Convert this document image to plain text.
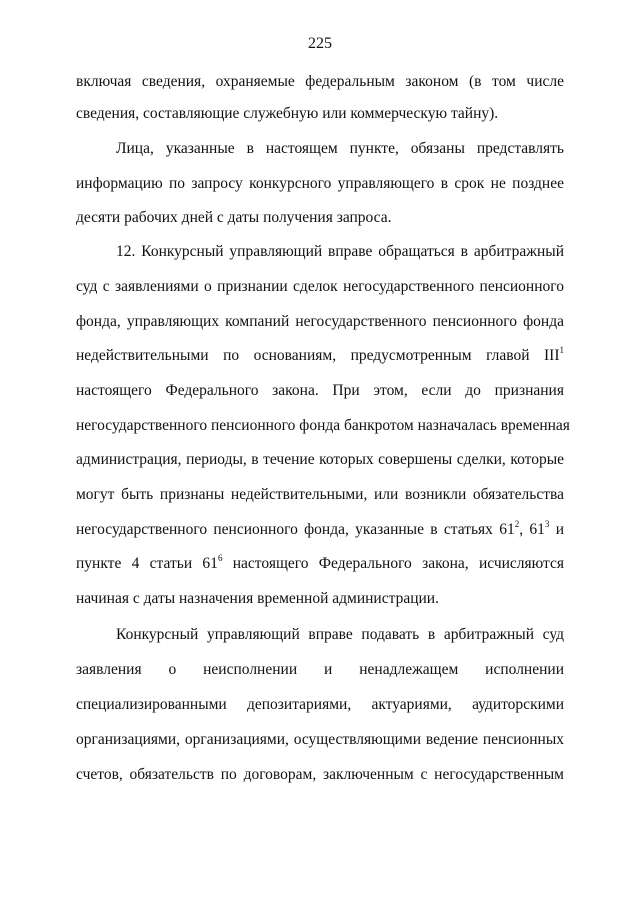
225
включая сведения, охраняемые федеральным законом (в том числе
сведения, составляющие служебную или коммерческую тайну).
Лица, указанные в настоящем пункте, обязаны представлять
информацию по запросу конкурсного управляющего в срок не позднее
десяти рабочих дней с даты получения запроса.
12. Конкурсный управляющий вправе обращаться в арбитражный
суд с заявлениями о признании сделок негосударственного пенсионного
фонда, управляющих компаний негосударственного пенсионного фонда
недействительными по основаниям, предусмотренным главой III$^1$
настоящего Федерального закона. При этом, если до признания
негосударственного пенсионного фонда банкротом назначалась временная
администрация, периоды, в течение которых совершены сделки, которые
могут быть признаны недействительными, или возникли обязательства
негосударственного пенсионного фонда, указанные в статьях $61^2$, $61^3$ и
пункте 4 статьи $61^6$ настоящего Федерального закона, исчисляются
начиная с даты назначения временной администрации.
Конкурсный управляющий вправе подавать в арбитражный суд
заявления о неисполнении и ненадлежащем исполнении
специализированными депозитариями, актуариями, аудиторскими
организациями, организациями, осуществляющими ведение пенсионных
счетов, обязательств по договорам, заключенным с негосударственным
